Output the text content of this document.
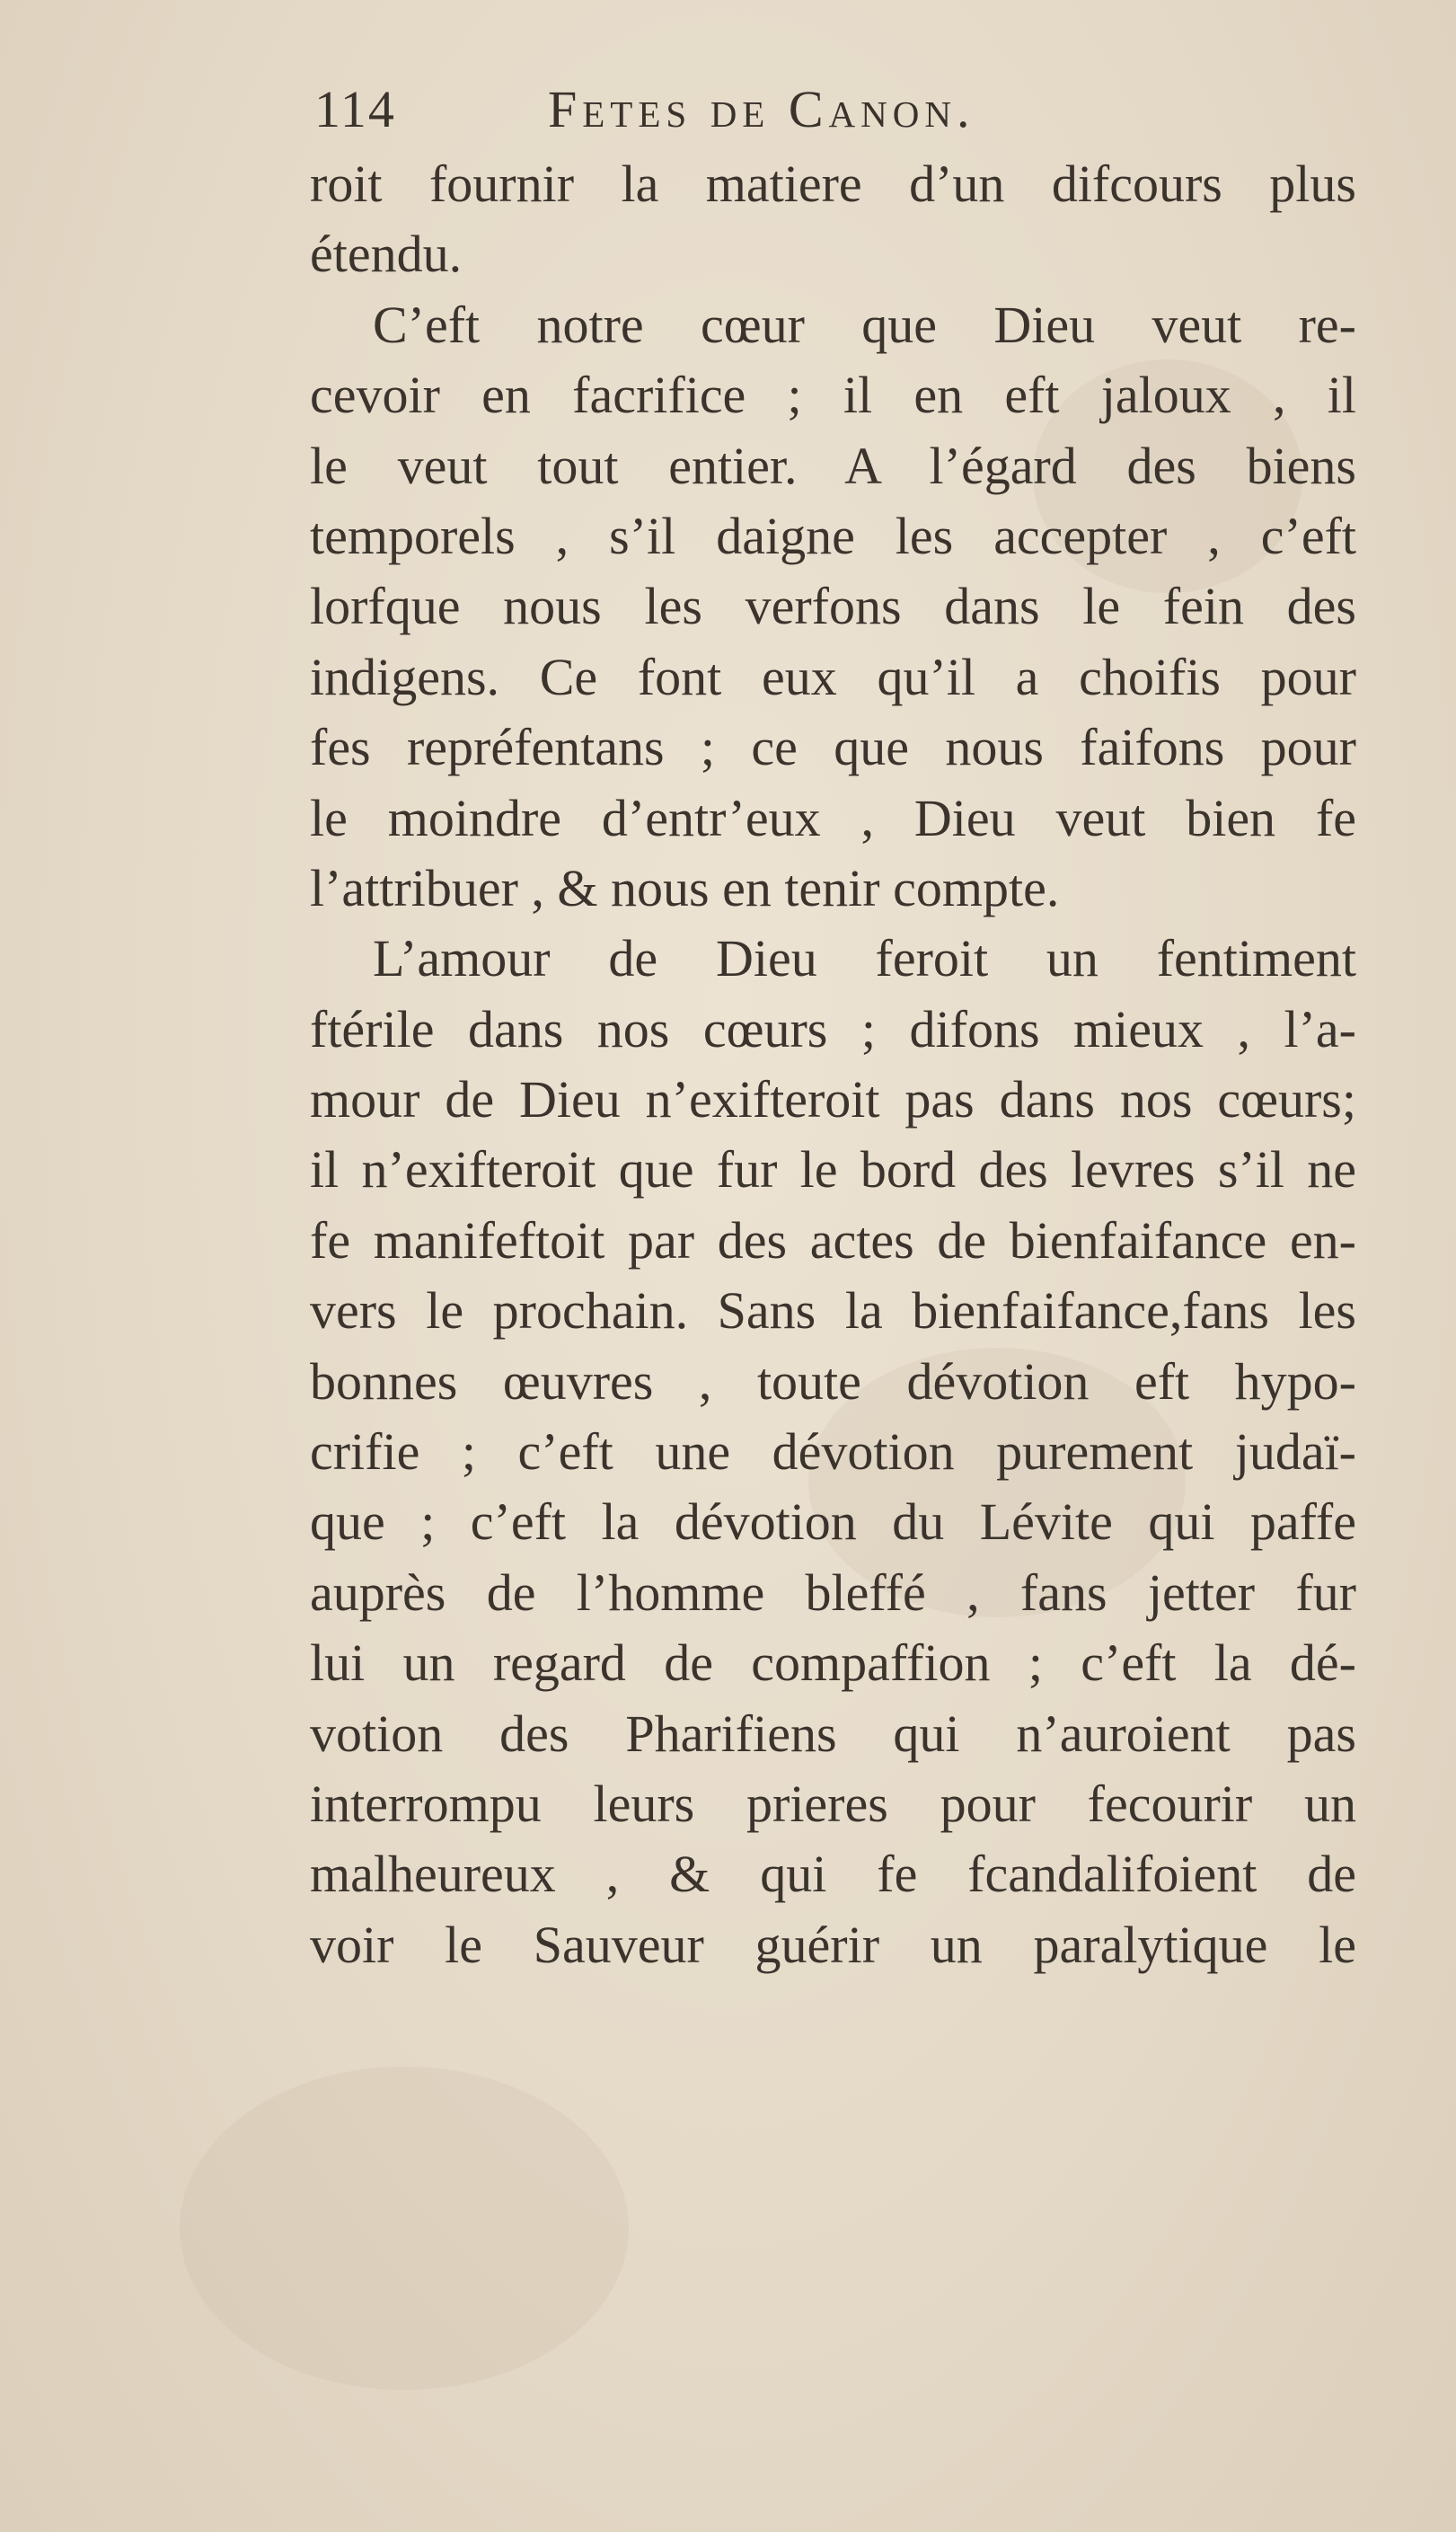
114	Fetes de Canon.
roit fournir la matiere d’un difcours plus
étendu.
C’eft notre cœur que Dieu veut re-
cevoir en facrifice ; il en eft jaloux , il
le veut tout entier. A l’égard des biens
temporels , s’il daigne les accepter , c’eft
lorfque nous les verfons dans le fein des
indigens. Ce font eux qu’il a choifis pour
fes repréfentans ; ce que nous faifons pour
le moindre d’entr’eux , Dieu veut bien fe
l’attribuer , & nous en tenir compte.
L’amour de Dieu feroit un fentiment
ftérile dans nos cœurs ; difons mieux , l’a-
mour de Dieu n’exifteroit pas dans nos cœurs;
il n’exifteroit que fur le bord des levres s’il ne
fe manifeftoit par des actes de bienfaifance en-
vers le prochain. Sans la bienfaifance,fans les
bonnes œuvres , toute dévotion eft hypo-
crifie ; c’eft une dévotion purement judaï-
que ; c’eft la dévotion du Lévite qui paffe
auprès de l’homme bleffé , fans jetter fur
lui un regard de compaffion ; c’eft la dé-
votion des Pharifiens qui n’auroient pas
interrompu leurs prieres pour fecourir un
malheureux , & qui fe fcandalifoient de
voir le Sauveur guérir un paralytique le
